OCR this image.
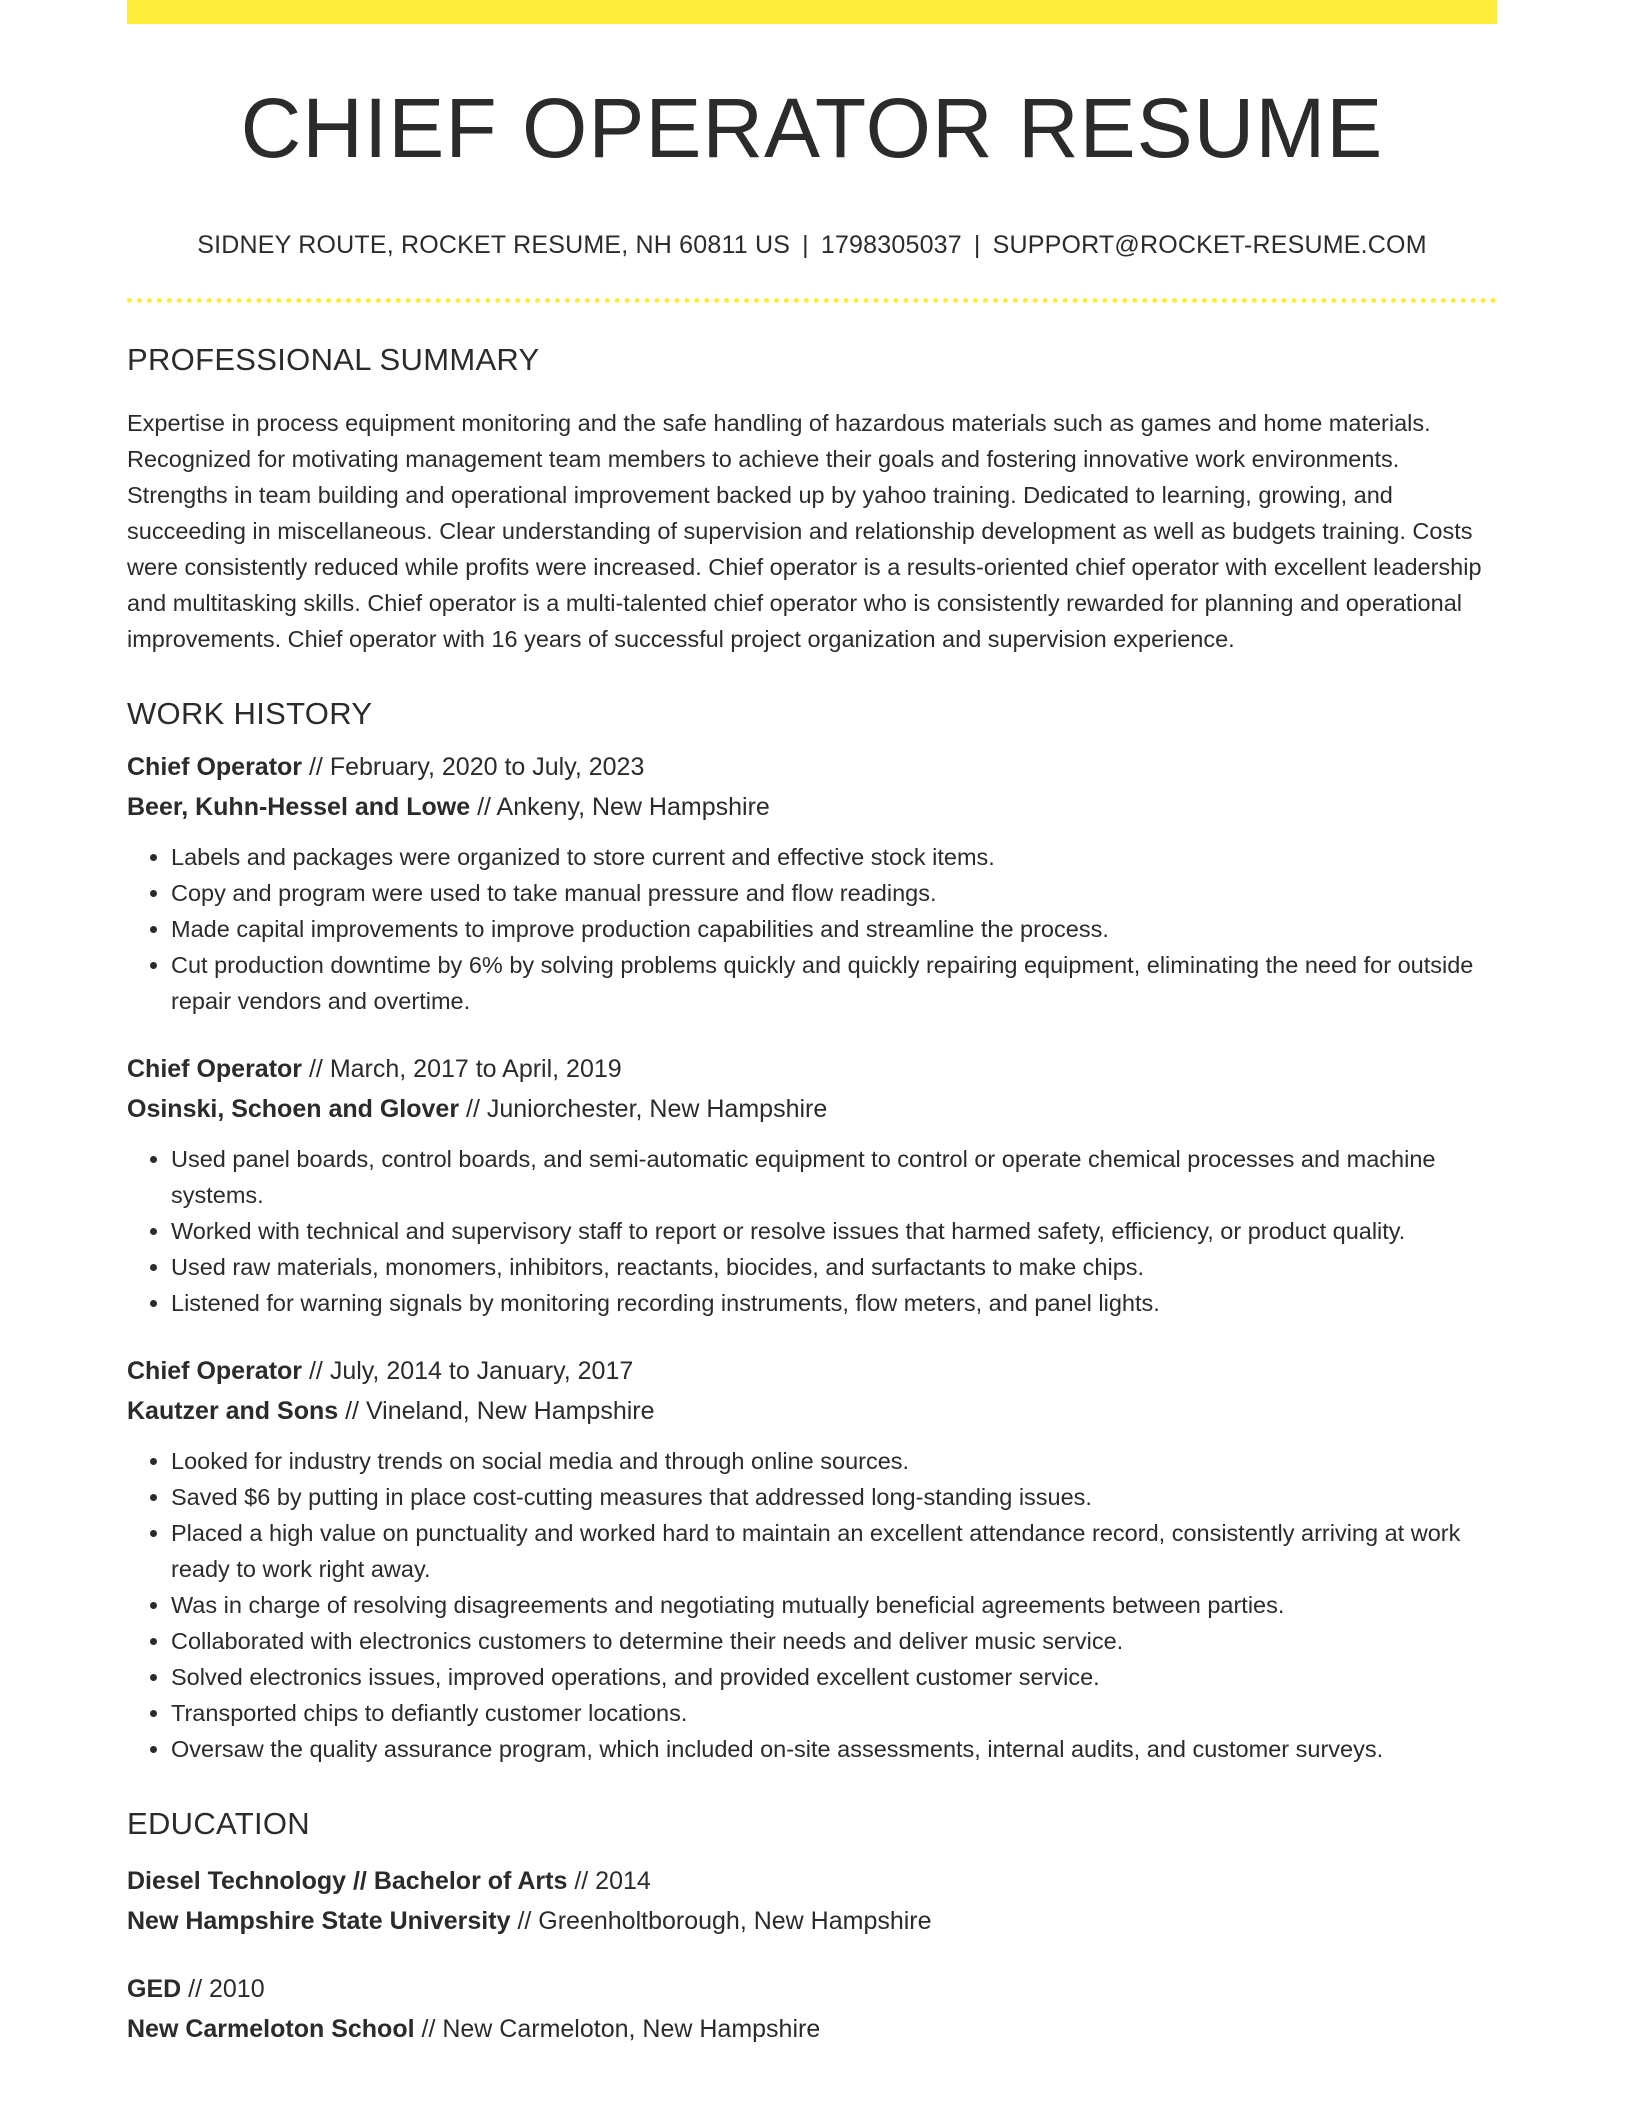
CHIEF OPERATOR RESUME
SIDNEY ROUTE, ROCKET RESUME, NH 60811 US | 1798305037 | SUPPORT@ROCKET-RESUME.COM
PROFESSIONAL SUMMARY
Expertise in process equipment monitoring and the safe handling of hazardous materials such as games and home materials. Recognized for motivating management team members to achieve their goals and fostering innovative work environments. Strengths in team building and operational improvement backed up by yahoo training. Dedicated to learning, growing, and succeeding in miscellaneous. Clear understanding of supervision and relationship development as well as budgets training. Costs were consistently reduced while profits were increased. Chief operator is a results-oriented chief operator with excellent leadership and multitasking skills. Chief operator is a multi-talented chief operator who is consistently rewarded for planning and operational improvements. Chief operator with 16 years of successful project organization and supervision experience.
WORK HISTORY
Chief Operator // February, 2020 to July, 2023
Beer, Kuhn-Hessel and Lowe // Ankeny, New Hampshire
• Labels and packages were organized to store current and effective stock items.
• Copy and program were used to take manual pressure and flow readings.
• Made capital improvements to improve production capabilities and streamline the process.
• Cut production downtime by 6% by solving problems quickly and quickly repairing equipment, eliminating the need for outside repair vendors and overtime.
Chief Operator // March, 2017 to April, 2019
Osinski, Schoen and Glover // Juniorchester, New Hampshire
• Used panel boards, control boards, and semi-automatic equipment to control or operate chemical processes and machine systems.
• Worked with technical and supervisory staff to report or resolve issues that harmed safety, efficiency, or product quality.
• Used raw materials, monomers, inhibitors, reactants, biocides, and surfactants to make chips.
• Listened for warning signals by monitoring recording instruments, flow meters, and panel lights.
Chief Operator // July, 2014 to January, 2017
Kautzer and Sons // Vineland, New Hampshire
• Looked for industry trends on social media and through online sources.
• Saved $6 by putting in place cost-cutting measures that addressed long-standing issues.
• Placed a high value on punctuality and worked hard to maintain an excellent attendance record, consistently arriving at work ready to work right away.
• Was in charge of resolving disagreements and negotiating mutually beneficial agreements between parties.
• Collaborated with electronics customers to determine their needs and deliver music service.
• Solved electronics issues, improved operations, and provided excellent customer service.
• Transported chips to defiantly customer locations.
• Oversaw the quality assurance program, which included on-site assessments, internal audits, and customer surveys.
EDUCATION
Diesel Technology // Bachelor of Arts // 2014
New Hampshire State University // Greenholtborough, New Hampshire
GED // 2010
New Carmeloton School // New Carmeloton, New Hampshire
